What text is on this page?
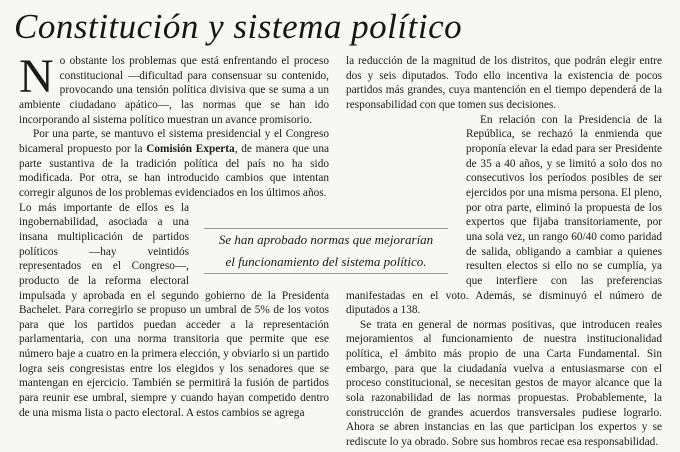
Constitución y sistema político

No obstante los problemas que está enfrentando el proceso constitucional —dificultad para consensuar su contenido, provocando una tensión política divisiva que se suma a un ambiente ciudadano apático—, las normas que se han ido incorporando al sistema político muestran un avance promisorio.

Por una parte, se mantuvo el sistema presidencial y el Congreso bicameral propuesto por la Comisión Experta, de manera que una parte sustantiva de la tradición política del país no ha sido modificada. Por otra, se han introducido cambios que intentan corregir algunos de los problemas evidenciados en los últimos años.

Lo más importante de ellos es la ingobernabilidad, asociada a una insana multiplicación de partidos políticos —hay veintidós representados en el Congreso—, producto de la reforma electoral impulsada y aprobada en el segundo gobierno de la Presidenta Bachelet. Para corregirlo se propuso un umbral de 5% de los votos para que los partidos puedan acceder a la representación parlamentaria, con una norma transitoria que permite que ese número baje a cuatro en la primera elección, y obviarlo si un partido logra seis congresistas entre los elegidos y los senadores que se mantengan en ejercicio. También se permitirá la fusión de partidos para reunir ese umbral, siempre y cuando hayan competido dentro de una misma lista o pacto electoral. A estos cambios se agrega

la reducción de la magnitud de los distritos, que podrán elegir entre dos y seis diputados. Todo ello incentiva la existencia de pocos partidos más grandes, cuya mantención en el tiempo dependerá de la responsabilidad con que tomen sus decisiones.

En relación con la Presidencia de la República, se rechazó la enmienda que proponía elevar la edad para ser Presidente de 35 a 40 años, y se limitó a solo dos no consecutivos los períodos posibles de ser ejercidos por una misma persona. El pleno, por otra parte, eliminó la propuesta de los expertos que fijaba transitoriamente, por una sola vez, un rango 60/40 como paridad de salida, obligando a cambiar a quienes resulten electos si ello no se cumplía, ya que interfiere con las preferencias manifestadas en el voto. Además, se disminuyó el número de diputados a 138.

Se trata en general de normas positivas, que introducen reales mejoramientos al funcionamiento de nuestra institucionalidad política, el ámbito más propio de una Carta Fundamental. Sin embargo, para que la ciudadanía vuelva a entusiasmarse con el proceso constitucional, se necesitan gestos de mayor alcance que la sola razonabilidad de las normas propuestas. Probablemente, la construcción de grandes acuerdos transversales pudiese lograrlo. Ahora se abren instancias en las que participan los expertos y se rediscute lo ya obrado. Sobre sus hombros recae esa responsabilidad.

Se han aprobado normas que mejorarían
el funcionamiento del sistema político.
